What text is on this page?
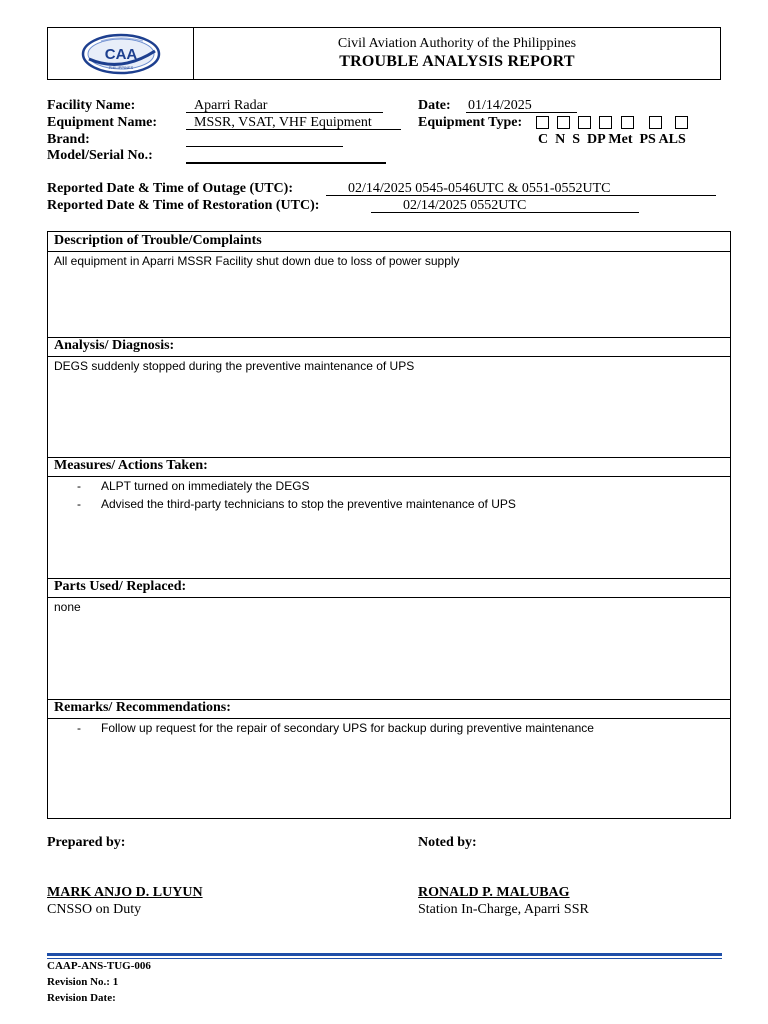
CAA
PHILIPPINES
Civil Aviation Authority of the Philippines
TROUBLE ANALYSIS REPORT
Facility Name:	Aparri Radar
Equipment Name:	MSSR, VSAT, VHF Equipment
Brand:
Model/Serial No.:
Date: 01/14/2025
Equipment Type:
C  N  S  DP Met  PS ALS
Reported Date & Time of Outage (UTC):	02/14/2025 0545-0546UTC & 0551-0552UTC
Reported Date & Time of Restoration (UTC):	02/14/2025 0552UTC
Description of Trouble/Complaints
All equipment in Aparri MSSR Facility shut down due to loss of power supply
Analysis/ Diagnosis:
DEGS suddenly stopped during the preventive maintenance of UPS
Measures/ Actions Taken:
- ALPT turned on immediately the DEGS
- Advised the third-party technicians to stop the preventive maintenance of UPS
Parts Used/ Replaced:
none
Remarks/ Recommendations:
- Follow up request for the repair of secondary UPS for backup during preventive maintenance
Prepared by:
MARK ANJO D. LUYUN
CNSSO on Duty
Noted by:
RONALD P. MALUBAG
Station In-Charge, Aparri SSR
CAAP-ANS-TUG-006
Revision No.: 1
Revision Date:
